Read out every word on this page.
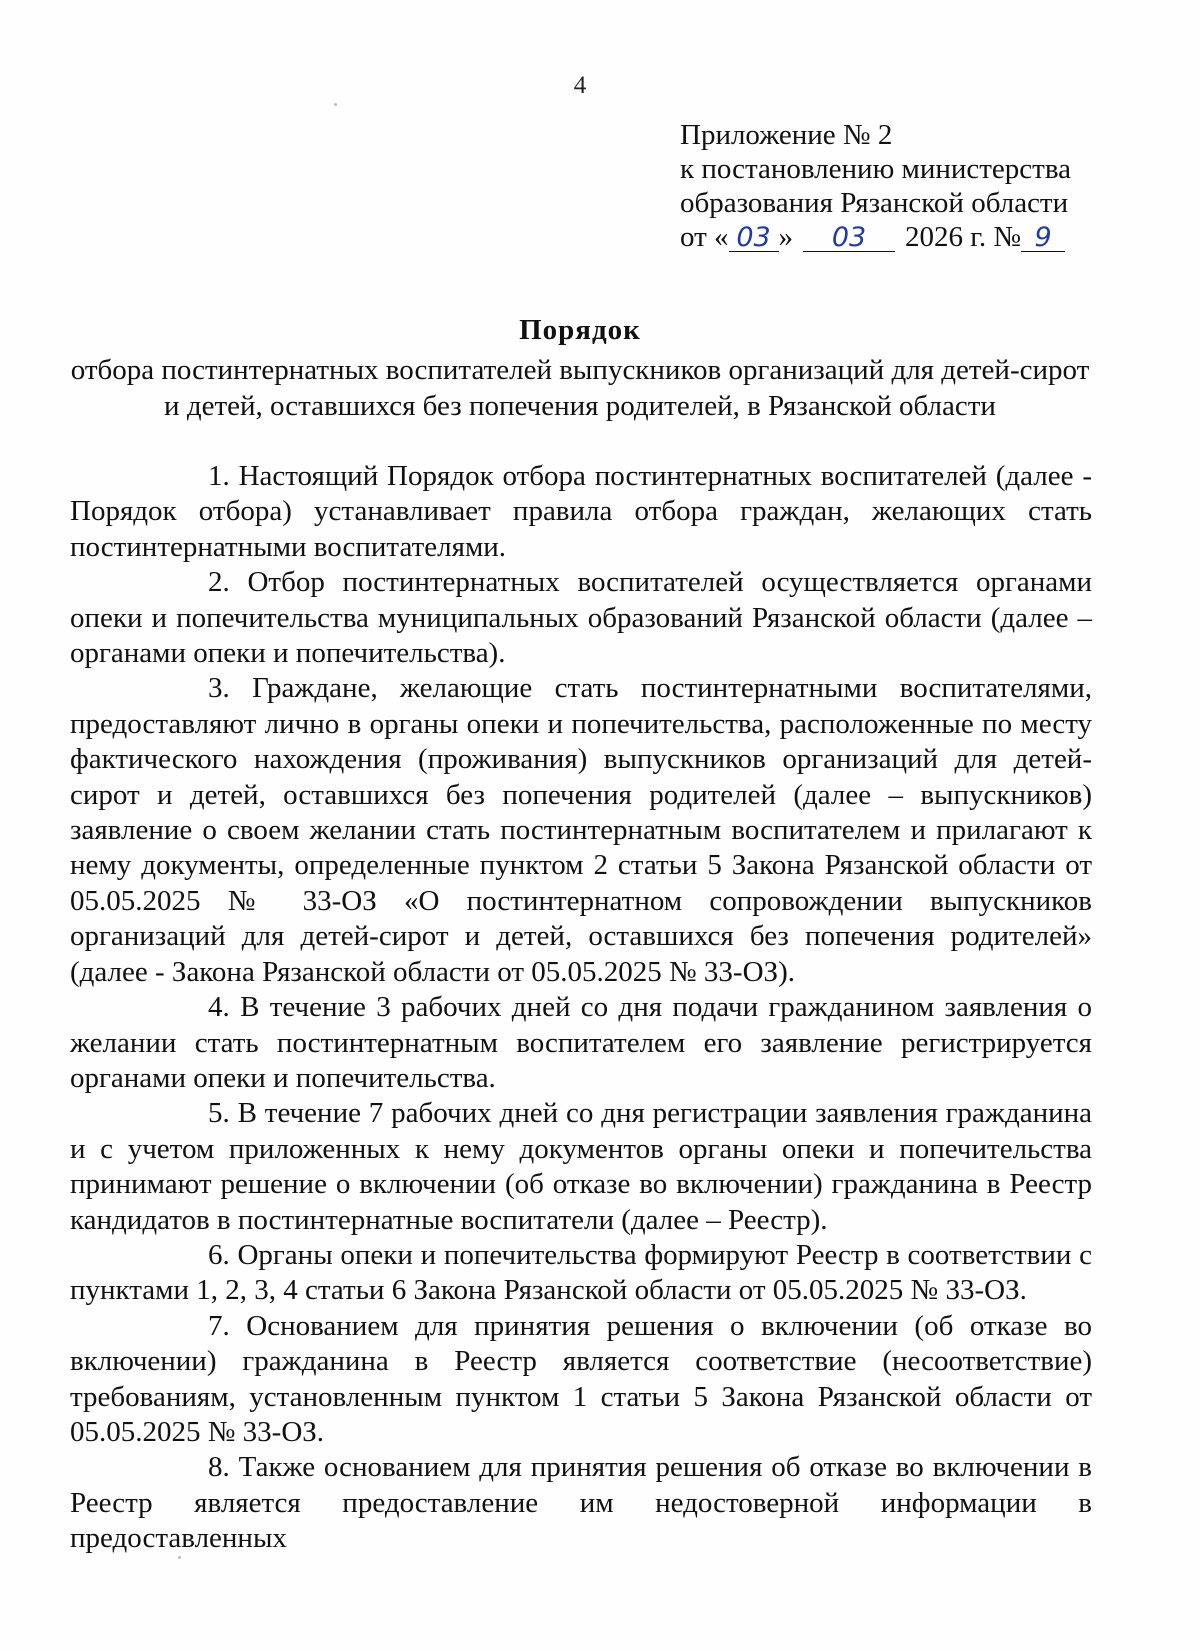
4
Приложение № 2
к постановлению министерства
образования Рязанской области
от « 03 » 03 2026 г. № 9
Порядок
отбора постинтернатных воспитателей выпускников организаций для детей-сирот
и детей, оставшихся без попечения родителей, в Рязанской области

1. Настоящий Порядок отбора постинтернатных воспитателей (далее - Порядок отбора) устанавливает правила отбора граждан, желающих стать постинтернатными воспитателями.

2. Отбор постинтернатных воспитателей осуществляется органами опеки и попечительства муниципальных образований Рязанской области (далее – органами опеки и попечительства).

3. Граждане, желающие стать постинтернатными воспитателями, предоставляют лично в органы опеки и попечительства, расположенные по месту фактического нахождения (проживания) выпускников организаций для детей-сирот и детей, оставшихся без попечения родителей (далее – выпускников) заявление о своем желании стать постинтернатным воспитателем и прилагают к нему документы, определенные пунктом 2 статьи 5 Закона Рязанской области от 05.05.2025 № 33-ОЗ «О постинтернатном сопровождении выпускников организаций для детей-сирот и детей, оставшихся без попечения родителей» (далее - Закона Рязанской области от 05.05.2025 № 33-ОЗ).

4. В течение 3 рабочих дней со дня подачи гражданином заявления о желании стать постинтернатным воспитателем его заявление регистрируется органами опеки и попечительства.

5. В течение 7 рабочих дней со дня регистрации заявления гражданина и с учетом приложенных к нему документов органы опеки и попечительства принимают решение о включении (об отказе во включении) гражданина в Реестр кандидатов в постинтернатные воспитатели (далее – Реестр).

6. Органы опеки и попечительства формируют Реестр в соответствии с пунктами 1, 2, 3, 4 статьи 6 Закона Рязанской области от 05.05.2025 № 33-ОЗ.

7. Основанием для принятия решения о включении (об отказе во включении) гражданина в Реестр является соответствие (несоответствие) требованиям, установленным пунктом 1 статьи 5 Закона Рязанской области от 05.05.2025 № 33-ОЗ.

8. Также основанием для принятия решения об отказе во включении в Реестр является предоставление им недостоверной информации в предоставленных
